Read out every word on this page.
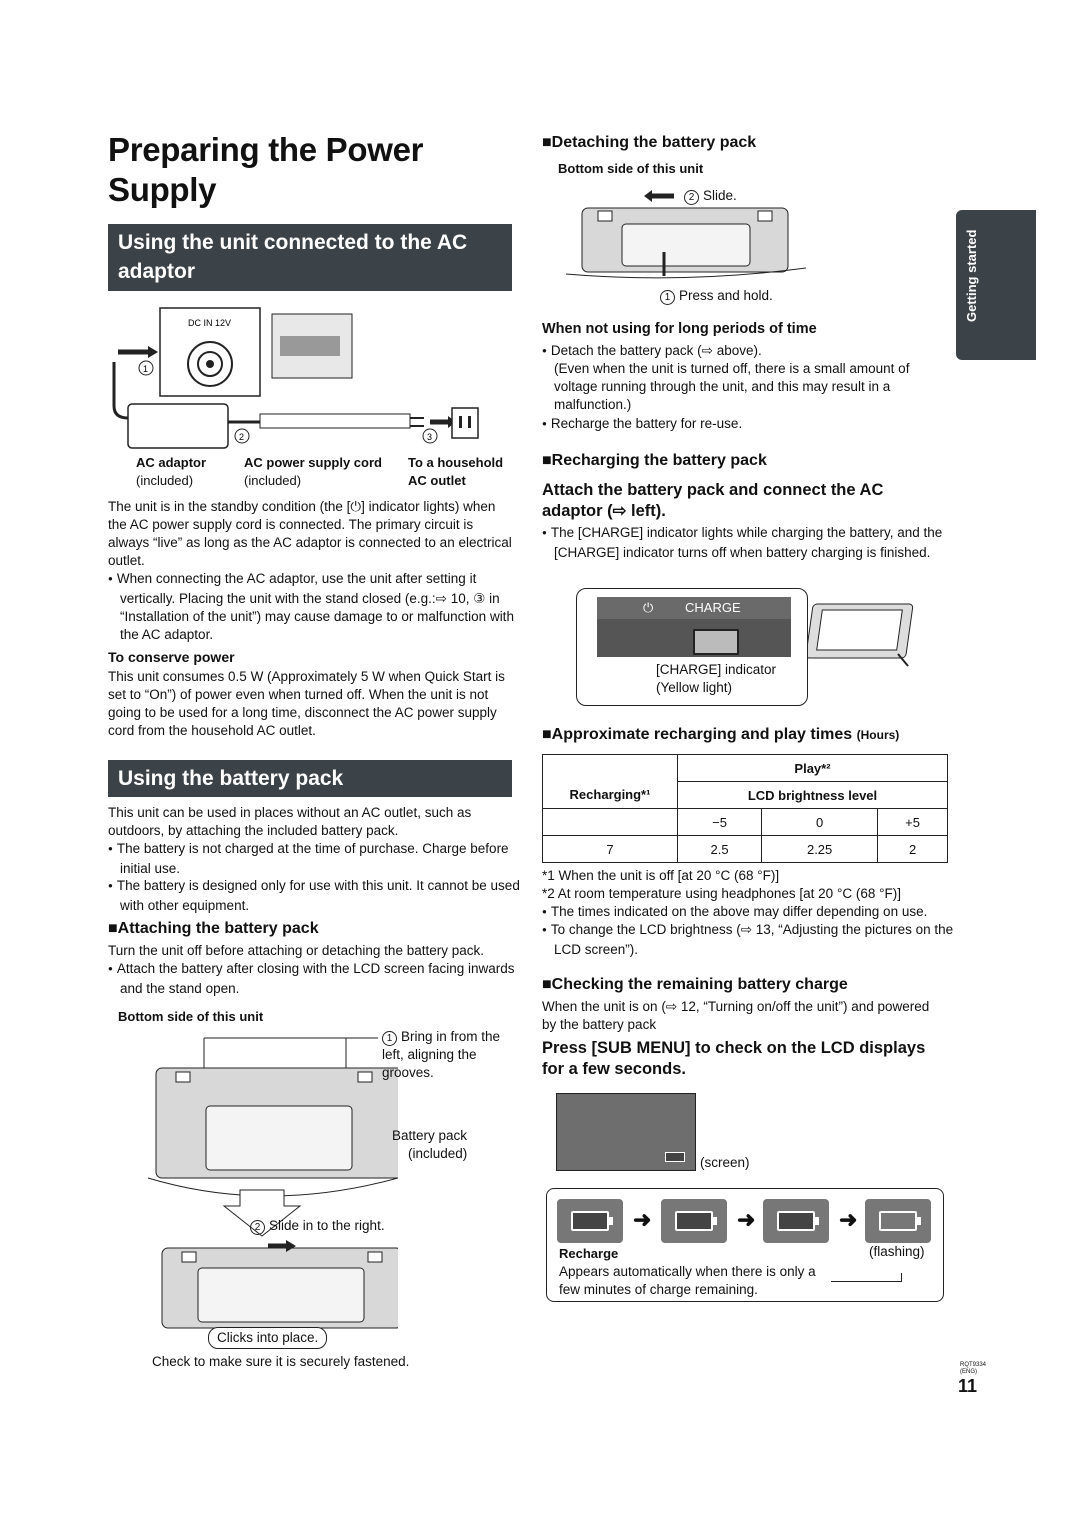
Preparing the Power Supply
Getting started
Using the unit connected to the AC adaptor
DC IN 12V
1
2	3
AC adaptor
(included)
AC power supply cord
(included)
To a household
AC outlet
The unit is in the standby condition (the [⏻] indicator lights) when the AC power supply cord is connected. The primary circuit is always “live” as long as the AC adaptor is connected to an electrical outlet.
● When connecting the AC adaptor, use the unit after setting it vertically. Placing the unit with the stand closed (e.g.:⇨ 10, ③ in “Installation of the unit”) may cause damage to or malfunction with the AC adaptor.
To conserve power
This unit consumes 0.5 W (Approximately 5 W when Quick Start is set to “On”) of power even when turned off. When the unit is not going to be used for a long time, disconnect the AC power supply cord from the household AC outlet.
Using the battery pack
This unit can be used in places without an AC outlet, such as outdoors, by attaching the included battery pack.
● The battery is not charged at the time of purchase. Charge before initial use.
● The battery is designed only for use with this unit. It cannot be used with other equipment.
■Attaching the battery pack
Turn the unit off before attaching or detaching the battery pack.
● Attach the battery after closing with the LCD screen facing inwards and the stand open.
Bottom side of this unit
1 Bring in from the left, aligning the grooves.
Battery pack
(included)
2 Slide in to the right.
Clicks into place.
Check to make sure it is securely fastened.
■Detaching the battery pack
Bottom side of this unit
2 Slide.
1 Press and hold.
When not using for long periods of time
● Detach the battery pack (⇨ above).
(Even when the unit is turned off, there is a small amount of voltage running through the unit, and this may result in a malfunction.)
● Recharge the battery for re-use.
■Recharging the battery pack
Attach the battery pack and connect the AC adaptor (⇨ left).
● The [CHARGE] indicator lights while charging the battery, and the [CHARGE] indicator turns off when battery charging is finished.
⏻ CHARGE
[CHARGE] indicator
(Yellow light)
■Approximate recharging and play times (Hours)
Recharging*¹	Play*²		
	LCD brightness level		
	−5	0	+5
7	2.5	2.25	2
*1 When the unit is off [at 20 °C (68 °F)]
*2 At room temperature using headphones [at 20 °C (68 °F)]
● The times indicated on the above may differ depending on use.
● To change the LCD brightness (⇨ 13, “Adjusting the pictures on the LCD screen”).
■Checking the remaining battery charge
When the unit is on (⇨ 12, “Turning on/off the unit”) and powered by the battery pack
Press [SUB MENU] to check on the LCD displays for a few seconds.
(screen)
➜	➜	➜
Recharge	(flashing)
Appears automatically when there is only a few minutes of charge remaining.
RQT9334
(ENG)
11
